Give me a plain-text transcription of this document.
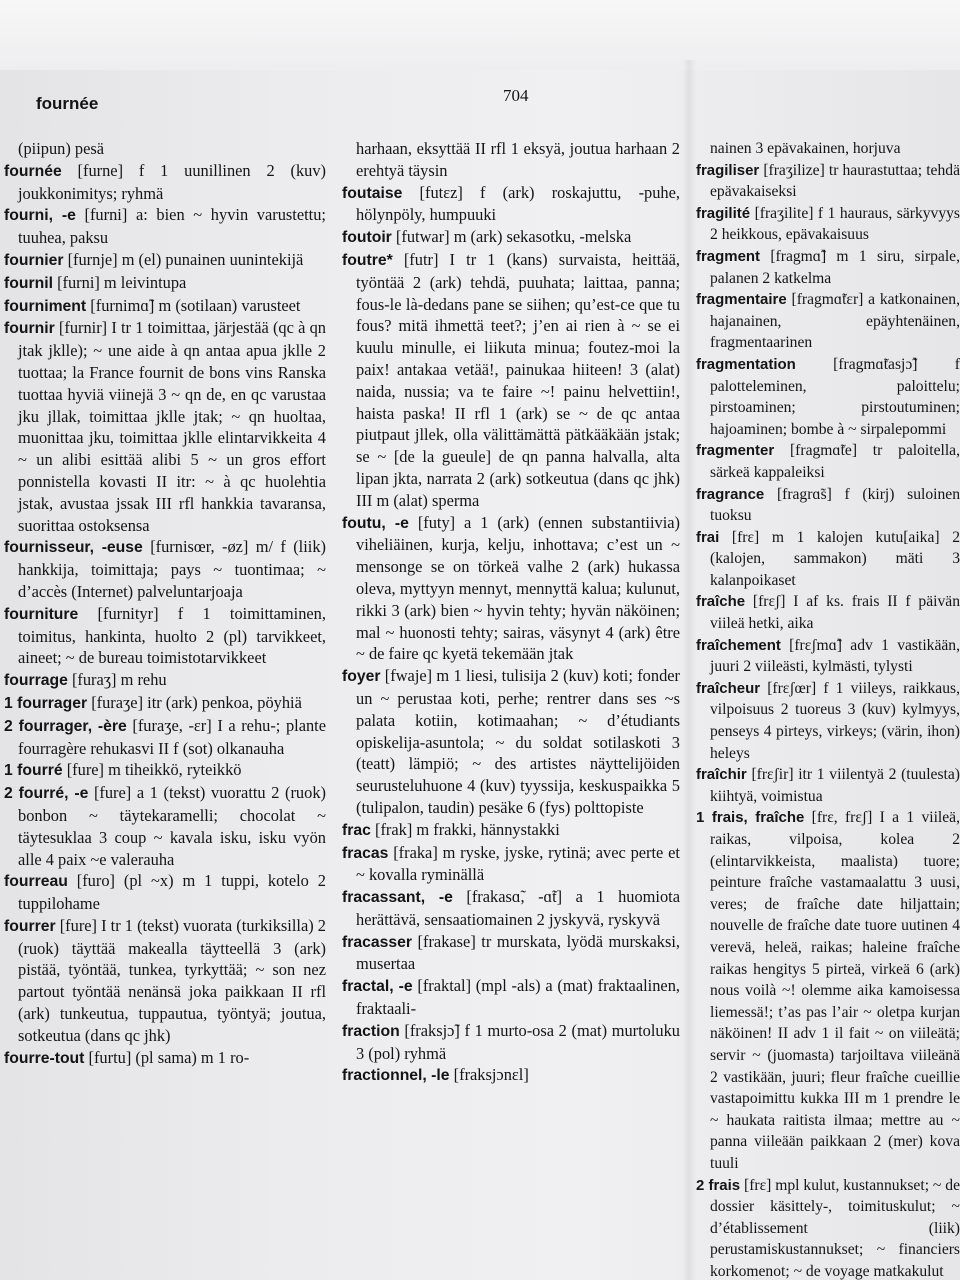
fournée	704

(piipun) pesä

fournée [furne] f 1 uunillinen 2 (kuv) joukkonimitys; ryhmä

fourni, -e [furni] a: bien ~ hyvin varustettu; tuuhea, paksu

fournier [furnje] m (el) punainen uunintekijä

fournil [furni] m leivintupa

fourniment [furnimɑ̃] m (sotilaan) varusteet

fournir [furnir] I tr 1 toimittaa, järjestää (qc à qn jtak jklle); ~ une aide à qn antaa apua jklle 2 tuottaa; la France fournit de bons vins Ranska tuottaa hyviä viinejä 3 ~ qn de, en qc varustaa jku jllak, toimittaa jklle jtak; ~ qn huoltaa, muonittaa jku, toimittaa jklle elintarvikkeita 4 ~ un alibi esittää alibi 5 ~ un gros effort ponnistella kovasti II itr: ~ à qc huolehtia jstak, avustaa jssak III rfl hankkia tavaransa, suorittaa ostoksensa

fournisseur, -euse [furnisœr, -øz] m/ f (liik) hankkija, toimittaja; pays ~ tuontimaa; ~ d’accès (Internet) palveluntarjoaja

fourniture [furnityr] f 1 toimittaminen, toimitus, hankinta, huolto 2 (pl) tarvikkeet, aineet; ~ de bureau toimistotarvikkeet

fourrage [furaʒ] m rehu

1 fourrager [furaʒe] itr (ark) penkoa, pöyhiä

2 fourrager, -ère [furaʒe, -ɛr] I a rehu-; plante fourragère rehukasvi II f (sot) olkanauha

1 fourré [fure] m tiheikkö, ryteikkö

2 fourré, -e [fure] a 1 (tekst) vuorattu 2 (ruok) bonbon ~ täytekaramelli; chocolat ~ täytesuklaa 3 coup ~ kavala isku, isku vyön alle 4 paix ~e valerauha

fourreau [furo] (pl ~x) m 1 tuppi, kotelo 2 tuppilohame

fourrer [fure] I tr 1 (tekst) vuorata (turkiksilla) 2 (ruok) täyttää makealla täytteellä 3 (ark) pistää, työntää, tunkea, tyrkyttää; ~ son nez partout työntää nenänsä joka paikkaan II rfl (ark) tunkeutua, tuppautua, työntyä; joutua, sotkeutua (dans qc jhk)

fourre-tout [furtu] (pl sama) m 1 ro-

harhaan, eksyttää II rfl 1 eksyä, joutua harhaan 2 erehtyä täysin

foutaise [futɛz] f (ark) roskajuttu, -puhe, hölynpöly, humpuuki

foutoir [futwar] m (ark) sekasotku, -melska

foutre* [futr] I tr 1 (kans) survaista, heittää, työntää 2 (ark) tehdä, puuhata; laittaa, panna; fous-le là-dedans pane se siihen; qu’est-ce que tu fous? mitä ihmettä teet?; j’en ai rien à ~ se ei kuulu minulle, ei liikuta minua; foutez-moi la paix! antakaa vetää!, painukaa hiiteen! 3 (alat) naida, nussia; va te faire ~! painu helvettiin!, haista paska! II rfl 1 (ark) se ~ de qc antaa piutpaut jllek, olla välittämättä pätkääkään jstak; se ~ [de la gueule] de qn panna halvalla, alta lipan jkta, narrata 2 (ark) sotkeutua (dans qc jhk) III m (alat) sperma

foutu, -e [futy] a 1 (ark) (ennen substantiivia) viheliäinen, kurja, kelju, inhottava; c’est un ~ mensonge se on törkeä valhe 2 (ark) hukassa oleva, myttyyn mennyt, mennyttä kalua; kulunut, rikki 3 (ark) bien ~ hyvin tehty; hyvän näköinen; mal ~ huonosti tehty; sairas, väsynyt 4 (ark) être ~ de faire qc kyetä tekemään jtak

foyer [fwaje] m 1 liesi, tulisija 2 (kuv) koti; fonder un ~ perustaa koti, perhe; rentrer dans ses ~s palata kotiin, kotimaahan; ~ d’étudiants opiskelija-asuntola; ~ du soldat sotilaskoti 3 (teatt) lämpiö; ~ des artistes näyttelijöiden seurusteluhuone 4 (kuv) tyyssija, keskuspaikka 5 (tulipalon, taudin) pesäke 6 (fys) polttopiste

frac [frak] m frakki, hännystakki

fracas [fraka] m ryske, jyske, rytinä; avec perte et ~ kovalla ryminällä

fracassant, -e [frakasɑ̃, -ɑ̃t] a 1 huomiota herättävä, sensaatiomainen 2 jyskyvä, ryskyvä

fracasser [frakase] tr murskata, lyödä murskaksi, musertaa

fractal, -e [fraktal] (mpl -als) a (mat) fraktaalinen, fraktaali-

fraction [fraksjɔ̃] f 1 murto-osa 2 (mat) murtoluku 3 (pol) ryhmä

fractionnel, -le [fraksjɔnɛl]

nainen 3 epävakainen, horjuva

fragiliser [fraʒilize] tr haurastuttaa; tehdä epävakaiseksi

fragilité [fraʒilite] f 1 hauraus, särkyvyys 2 heikkous, epävakaisuus

fragment [fragmɑ̃] m 1 siru, sirpale, palanen 2 katkelma

fragmentaire [fragmɑ̃tɛr] a katkonainen, hajanainen, epäyhtenäinen, fragmentaarinen

fragmentation [fragmɑ̃tasjɔ̃] f palotteleminen, paloittelu; pirstoaminen; pirstoutuminen; hajoaminen; bombe à ~ sirpalepommi

fragmenter [fragmɑ̃te] tr paloitella, särkeä kappaleiksi

fragrance [fragrɑ̃s] f (kirj) suloinen tuoksu

frai [frɛ] m 1 kalojen kutu[aika] 2 (kalojen, sammakon) mäti 3 kalanpoikaset

fraîche [frɛʃ] I af ks. frais II f päivän viileä hetki, aika

fraîchement [frɛʃmɑ̃] adv 1 vastikään, juuri 2 viileästi, kylmästi, tylysti

fraîcheur [frɛʃœr] f 1 viileys, raikkaus, vilpoisuus 2 tuoreus 3 (kuv) kylmyys, penseys 4 pirteys, virkeys; (värin, ihon) heleys

fraîchir [frɛʃir] itr 1 viilentyä 2 (tuulesta) kiihtyä, voimistua

1 frais, fraîche [frɛ, frɛʃ] I a 1 viileä, raikas, vilpoisa, kolea 2 (elintarvikkeista, maalista) tuore; peinture fraîche vastamaalattu 3 uusi, veres; de fraîche date hiljattain; nouvelle de fraîche date tuore uutinen 4 verevä, heleä, raikas; haleine fraîche raikas hengitys 5 pirteä, virkeä 6 (ark) nous voilà ~! olemme aika kamoisessa liemessä!; t’as pas l’air ~ oletpa kurjan näköinen! II adv 1 il fait ~ on viileätä; servir ~ (juomasta) tarjoiltava viileänä 2 vastikään, juuri; fleur fraîche cueillie vastapoimittu kukka III m 1 prendre le ~ haukata raitista ilmaa; mettre au ~ panna viileään paikkaan 2 (mer) kova tuuli

2 frais [frɛ] mpl kulut, kustannukset; ~ de dossier käsittely-, toimituskulut; ~ d’établissement (liik) perustamiskustannukset; ~ financiers korkomenot; ~ de voyage matkakulut
